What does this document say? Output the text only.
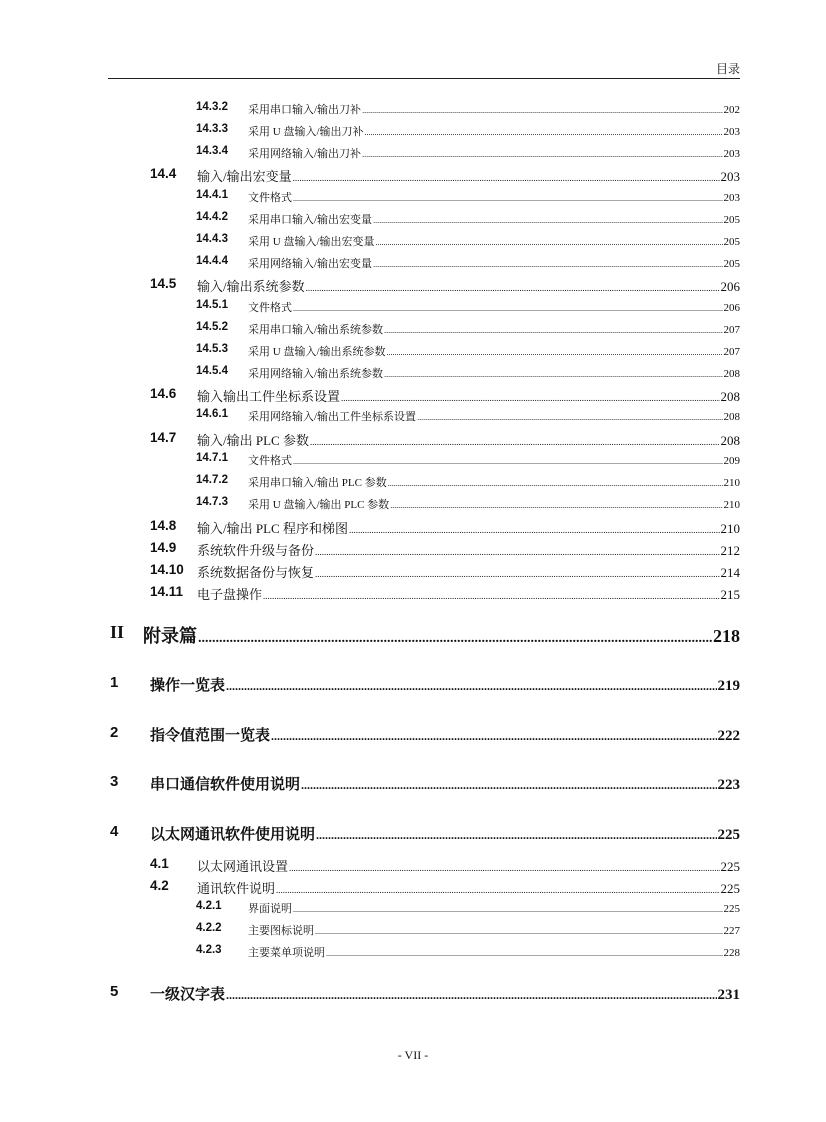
目录
14.3.2 采用串口输入/输出刀补 .....	202
14.3.3 采用 U 盘输入/输出刀补 .....	203
14.3.4 采用网络输入/输出刀补 .....	203
14.4 输入/输出宏变量 .....	203
14.4.1 文件格式 .....	203
14.4.2 采用串口输入/输出宏变量 .....	205
14.4.3 采用 U 盘输入/输出宏变量 .....	205
14.4.4 采用网络输入/输出宏变量 .....	205
14.5 输入/输出系统参数 .....	206
14.5.1 文件格式 .....	206
14.5.2 采用串口输入/输出系统参数 .....	207
14.5.3 采用 U 盘输入/输出系统参数 .....	207
14.5.4 采用网络输入/输出系统参数 .....	208
14.6 输入输出工件坐标系设置 .....	208
14.6.1 采用网络输入/输出工件坐标系设置 .....	208
14.7 输入/输出 PLC 参数 .....	208
14.7.1 文件格式 .....	209
14.7.2 采用串口输入/输出 PLC 参数 .....	210
14.7.3 采用 U 盘输入/输出 PLC 参数 .....	210
14.8 输入/输出 PLC 程序和梯图 .....	210
14.9 系统软件升级与备份 .....	212
14.10 系统数据备份与恢复 .....	214
14.11 电子盘操作 .....	215
II 附录篇 .....	218
1 操作一览表 .....	219
2 指令值范围一览表 .....	222
3 串口通信软件使用说明 .....	223
4 以太网通讯软件使用说明 .....	225
4.1 以太网通讯设置 .....	225
4.2 通讯软件说明 .....	225
4.2.1 界面说明 .....	225
4.2.2 主要图标说明 .....	227
4.2.3 主要菜单项说明 .....	228
5 一级汉字表 .....	231
- VII -
